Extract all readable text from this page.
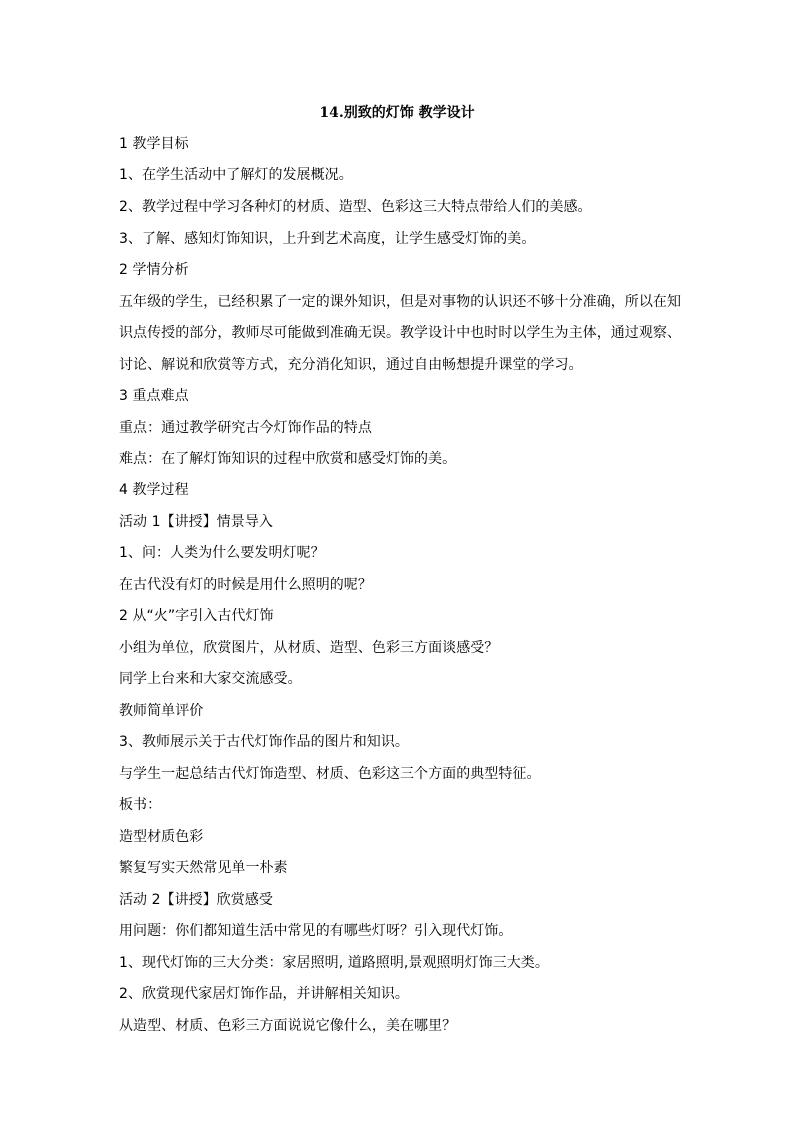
14.别致的灯饰 教学设计
1 教学目标
1、在学生活动中了解灯的发展概况。
2、教学过程中学习各种灯的材质、造型、色彩这三大特点带给人们的美感。
3、了解、感知灯饰知识，上升到艺术高度，让学生感受灯饰的美。
2 学情分析
五年级的学生，已经积累了一定的课外知识，但是对事物的认识还不够十分准确，所以在知
识点传授的部分，教师尽可能做到准确无误。教学设计中也时时以学生为主体，通过观察、
讨论、解说和欣赏等方式，充分消化知识，通过自由畅想提升课堂的学习。
3 重点难点
重点：通过教学研究古今灯饰作品的特点
难点：在了解灯饰知识的过程中欣赏和感受灯饰的美。
4 教学过程
活动 1【讲授】情景导入
1、问：人类为什么要发明灯呢？
在古代没有灯的时候是用什么照明的呢？
2 从“火”字引入古代灯饰
小组为单位，欣赏图片，从材质、造型、色彩三方面谈感受？
同学上台来和大家交流感受。
教师简单评价
3、教师展示关于古代灯饰作品的图片和知识。
与学生一起总结古代灯饰造型、材质、色彩这三个方面的典型特征。
板书：
造型材质色彩
繁复写实天然常见单一朴素
活动 2【讲授】欣赏感受
用问题：你们都知道生活中常见的有哪些灯呀？引入现代灯饰。
1、现代灯饰的三大分类：家居照明, 道路照明,景观照明灯饰三大类。
2、欣赏现代家居灯饰作品，并讲解相关知识。
从造型、材质、色彩三方面说说它像什么，美在哪里？
